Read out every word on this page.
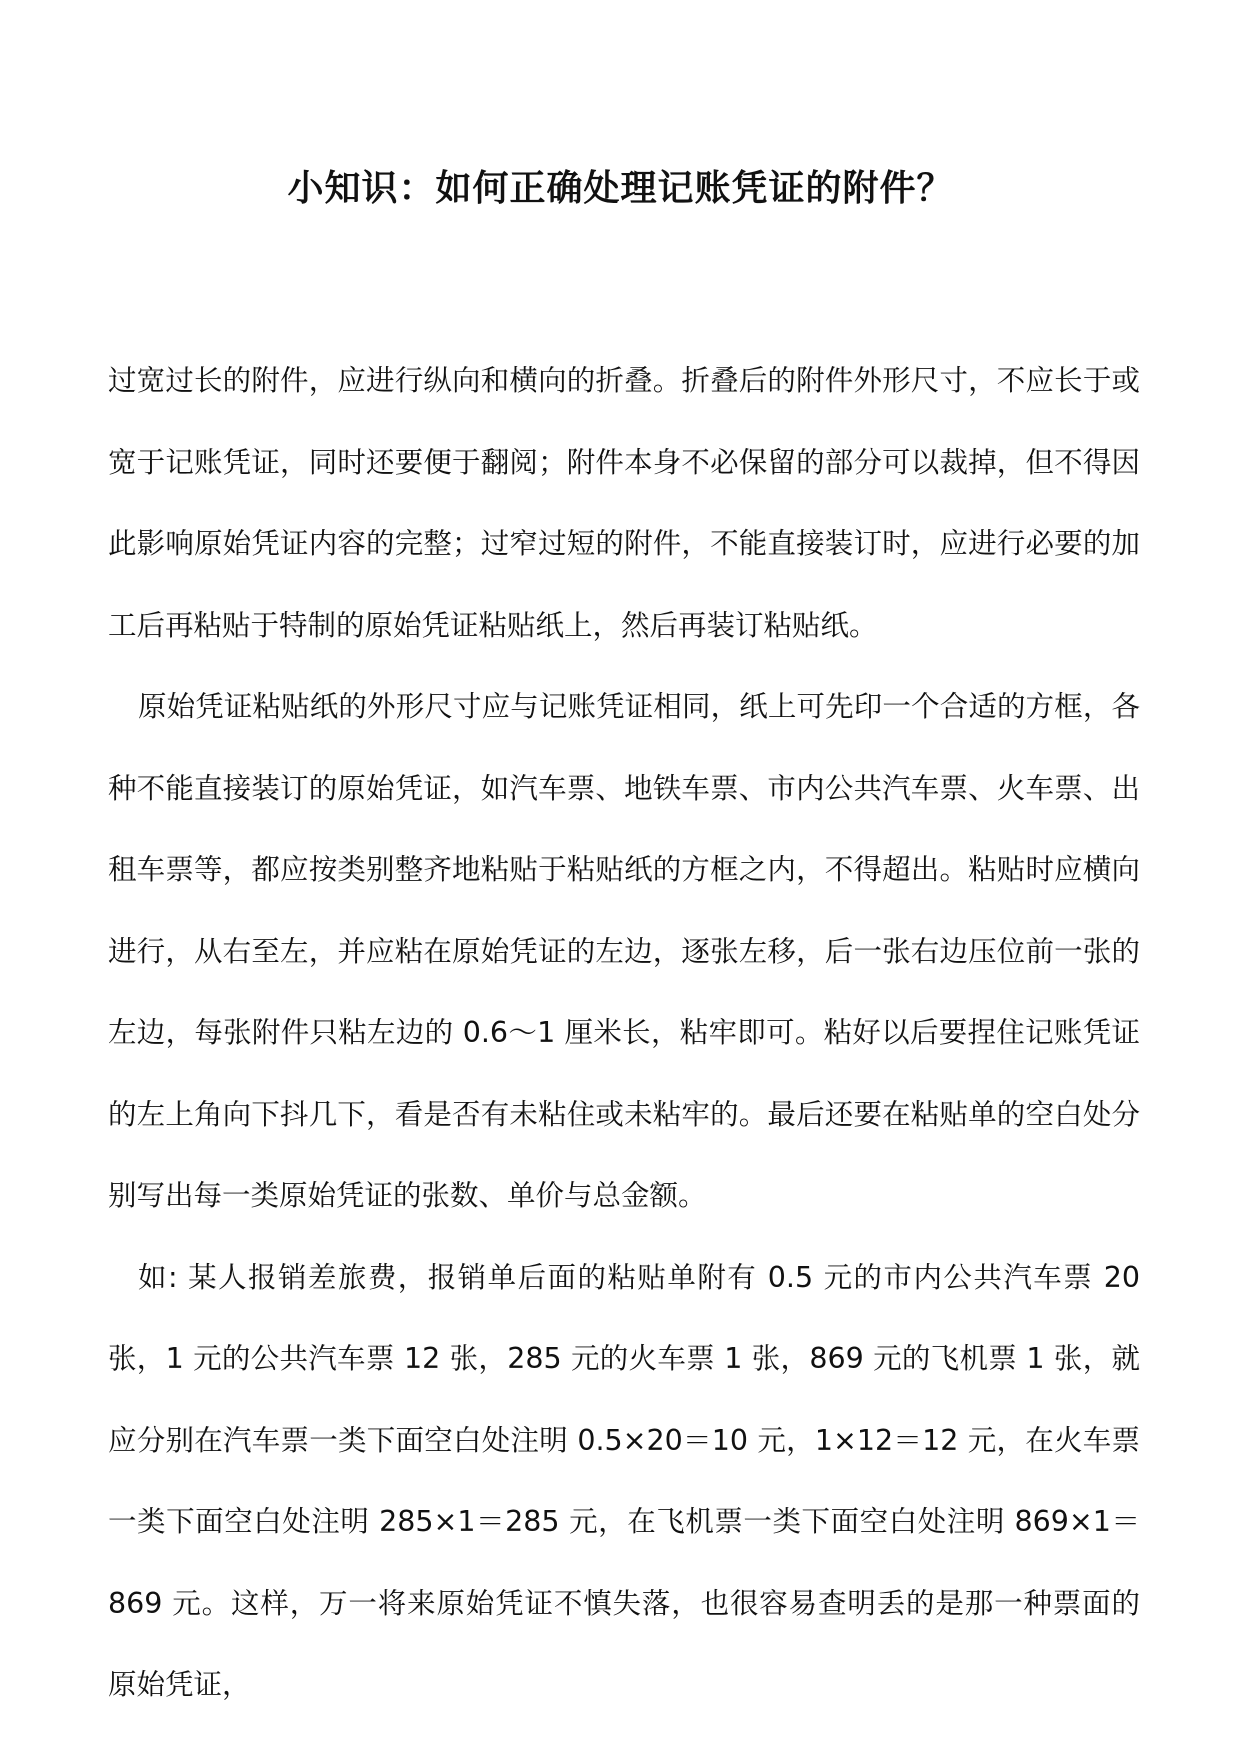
小知识：如何正确处理记账凭证的附件？

过宽过长的附件，应进行纵向和横向的折叠。折叠后的附件外形尺寸，不应长于或宽于记账凭证，同时还要便于翻阅；附件本身不必保留的部分可以裁掉，但不得因此影响原始凭证内容的完整；过窄过短的附件，不能直接装订时，应进行必要的加工后再粘贴于特制的原始凭证粘贴纸上，然后再装订粘贴纸。

原始凭证粘贴纸的外形尺寸应与记账凭证相同，纸上可先印一个合适的方框，各种不能直接装订的原始凭证，如汽车票、地铁车票、市内公共汽车票、火车票、出租车票等，都应按类别整齐地粘贴于粘贴纸的方框之内，不得超出。粘贴时应横向进行，从右至左，并应粘在原始凭证的左边，逐张左移，后一张右边压位前一张的左边，每张附件只粘左边的 0.6～1 厘米长，粘牢即可。粘好以后要捏住记账凭证的左上角向下抖几下，看是否有未粘住或未粘牢的。最后还要在粘贴单的空白处分别写出每一类原始凭证的张数、单价与总金额。

如: 某人报销差旅费，报销单后面的粘贴单附有 0.5 元的市内公共汽车票 20 张，1 元的公共汽车票 12 张，285 元的火车票 1 张，869 元的飞机票 1 张，就应分别在汽车票一类下面空白处注明 0.5×20＝10 元，1×12＝12 元，在火车票一类下面空白处注明 285×1＝285 元，在飞机票一类下面空白处注明 869×1＝869 元。这样，万一将来原始凭证不慎失落，也很容易查明丢的是那一种票面的原始凭证，
